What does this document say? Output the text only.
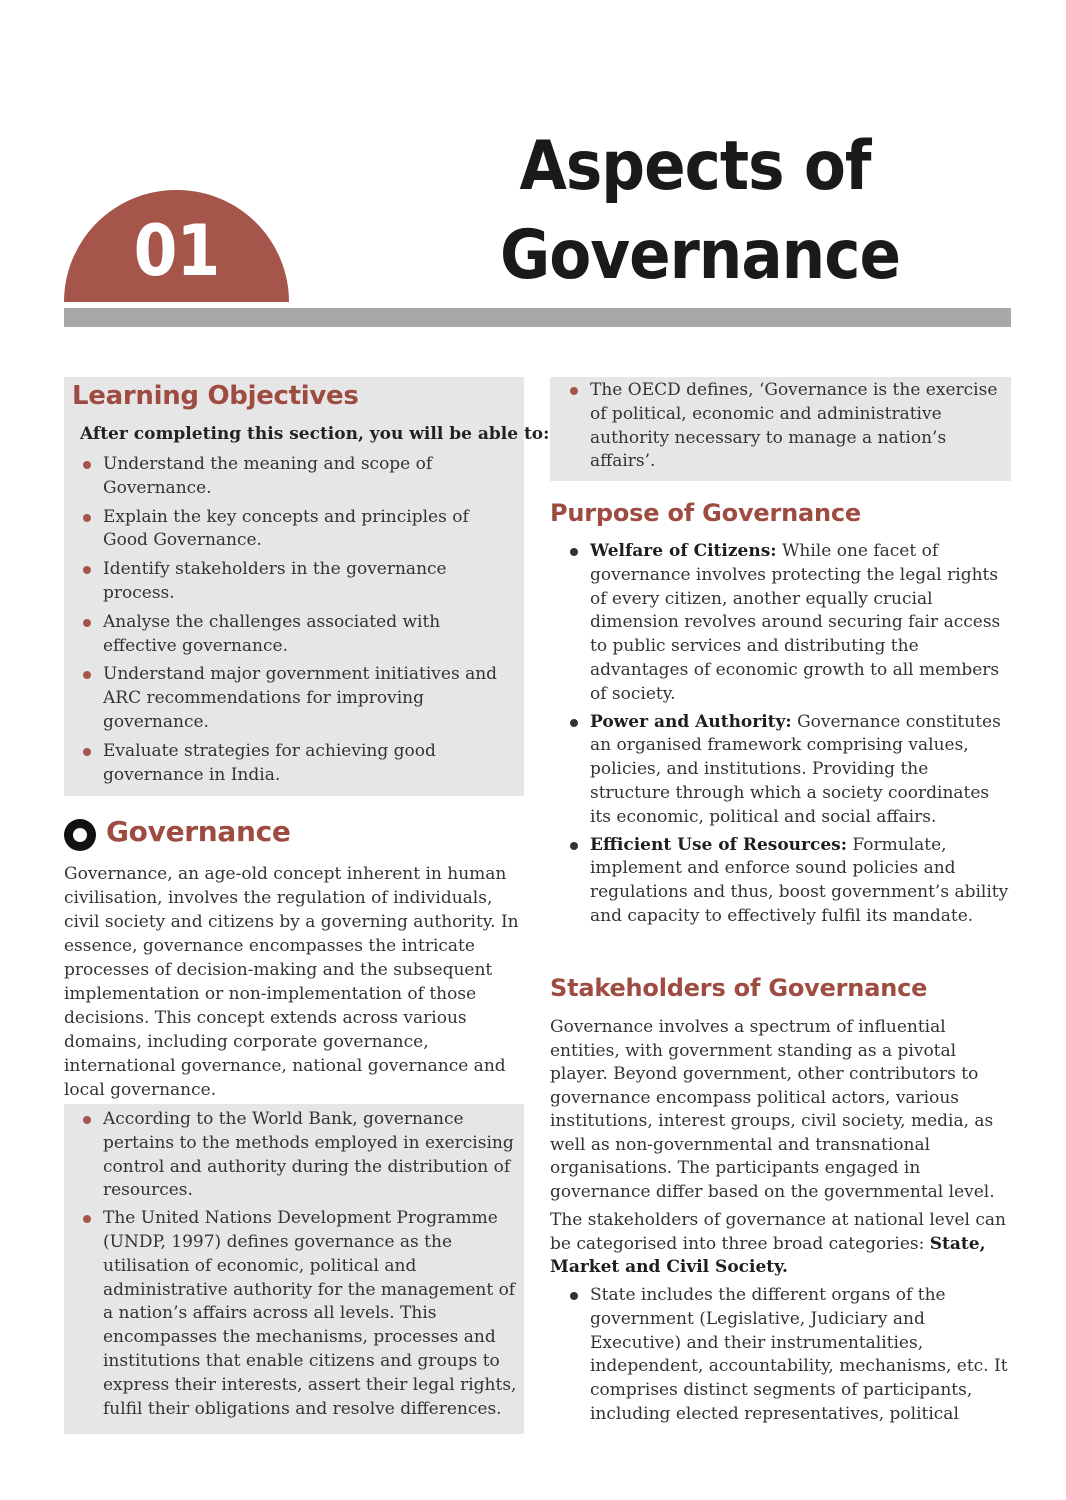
01
Aspects of
Governance
Learning Objectives
After completing this section, you will be able to:
Understand the meaning and scope of Governance.
Explain the key concepts and principles of Good Governance.
Identify stakeholders in the governance process.
Analyse the challenges associated with effective governance.
Understand major government initiatives and ARC recommendations for improving governance.
Evaluate strategies for achieving good governance in India.
Governance
Governance, an age-old concept inherent in human civilisation, involves the regulation of individuals, civil society and citizens by a governing authority. In essence, governance encompasses the intricate processes of decision-making and the subsequent implementation or non-implementation of those decisions. This concept extends across various domains, including corporate governance, international governance, national governance and local governance.
According to the World Bank, governance pertains to the methods employed in exercising control and authority during the distribution of resources.
The United Nations Development Programme (UNDP, 1997) defines governance as the utilisation of economic, political and administrative authority for the management of a nation’s affairs across all levels. This encompasses the mechanisms, processes and institutions that enable citizens and groups to express their interests, assert their legal rights, fulfil their obligations and resolve differences.
The OECD defines, ‘Governance is the exercise of political, economic and administrative authority necessary to manage a nation’s affairs’.
Purpose of Governance
Welfare of Citizens: While one facet of governance involves protecting the legal rights of every citizen, another equally crucial dimension revolves around securing fair access to public services and distributing the advantages of economic growth to all members of society.
Power and Authority: Governance constitutes an organised framework comprising values, policies, and institutions. Providing the structure through which a society coordinates its economic, political and social affairs.
Efficient Use of Resources: Formulate, implement and enforce sound policies and regulations and thus, boost government’s ability and capacity to effectively fulfil its mandate.
Stakeholders of Governance
Governance involves a spectrum of influential entities, with government standing as a pivotal player. Beyond government, other contributors to governance encompass political actors, various institutions, interest groups, civil society, media, as well as non-governmental and transnational organisations. The participants engaged in governance differ based on the governmental level.
The stakeholders of governance at national level can be categorised into three broad categories: State, Market and Civil Society.
State includes the different organs of the government (Legislative, Judiciary and Executive) and their instrumentalities, independent, accountability, mechanisms, etc. It comprises distinct segments of participants, including elected representatives, political
